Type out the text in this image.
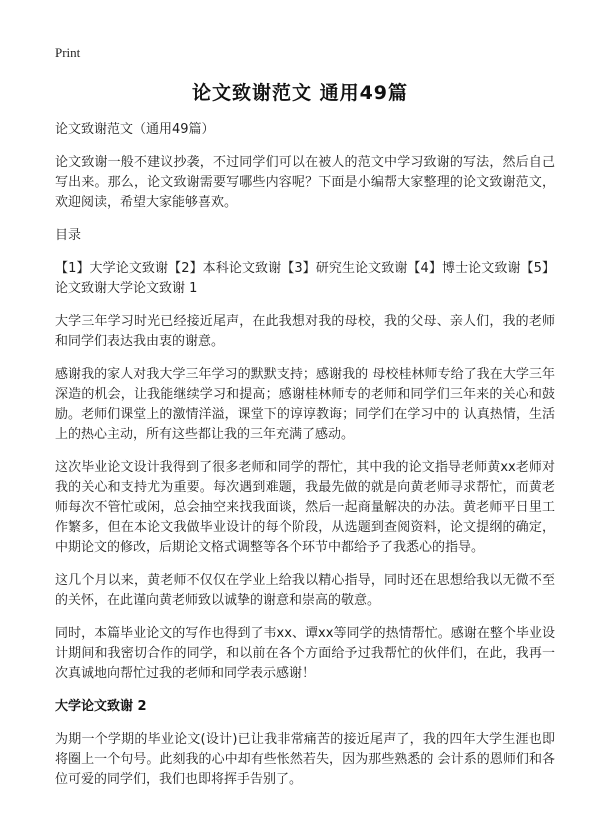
Print
论文致谢范文 通用49篇

论文致谢范文（通用49篇）

论文致谢一般不建议抄袭，不过同学们可以在被人的范文中学习致谢的写法，然后自己写出来。那么，论文致谢需要写哪些内容呢？下面是小编帮大家整理的论文致谢范文，欢迎阅读，希望大家能够喜欢。

目录

【1】大学论文致谢【2】本科论文致谢【3】研究生论文致谢【4】博士论文致谢【5】论文致谢大学论文致谢 1

大学三年学习时光已经接近尾声，在此我想对我的母校，我的父母、亲人们，我的老师和同学们表达我由衷的谢意。

感谢我的家人对我大学三年学习的默默支持；感谢我的 母校桂林师专给了我在大学三年深造的机会，让我能继续学习和提高；感谢桂林师专的老师和同学们三年来的关心和鼓励。老师们课堂上的激情洋溢，课堂下的谆谆教诲；同学们在学习中的 认真热情，生活上的热心主动，所有这些都让我的三年充满了感动。

这次毕业论文设计我得到了很多老师和同学的帮忙，其中我的论文指导老师黄xx老师对我的关心和支持尤为重要。每次遇到难题，我最先做的就是向黄老师寻求帮忙，而黄老师每次不管忙或闲，总会抽空来找我面谈，然后一起商量解决的办法。黄老师平日里工作繁多，但在本论文我做毕业设计的每个阶段，从选题到查阅资料，论文提纲的确定，中期论文的修改，后期论文格式调整等各个环节中都给予了我悉心的指导。

这几个月以来，黄老师不仅仅在学业上给我以精心指导，同时还在思想给我以无微不至的关怀，在此谨向黄老师致以诚挚的谢意和崇高的敬意。

同时，本篇毕业论文的写作也得到了韦xx、谭xx等同学的热情帮忙。感谢在整个毕业设计期间和我密切合作的同学，和以前在各个方面给予过我帮忙的伙伴们，在此，我再一次真诚地向帮忙过我的老师和同学表示感谢！

大学论文致谢 2

为期一个学期的毕业论文(设计)已让我非常痛苦的接近尾声了，我的四年大学生涯也即将圈上一个句号。此刻我的心中却有些怅然若失，因为那些熟悉的 会计系的恩师们和各位可爱的同学们，我们也即将挥手告别了。
